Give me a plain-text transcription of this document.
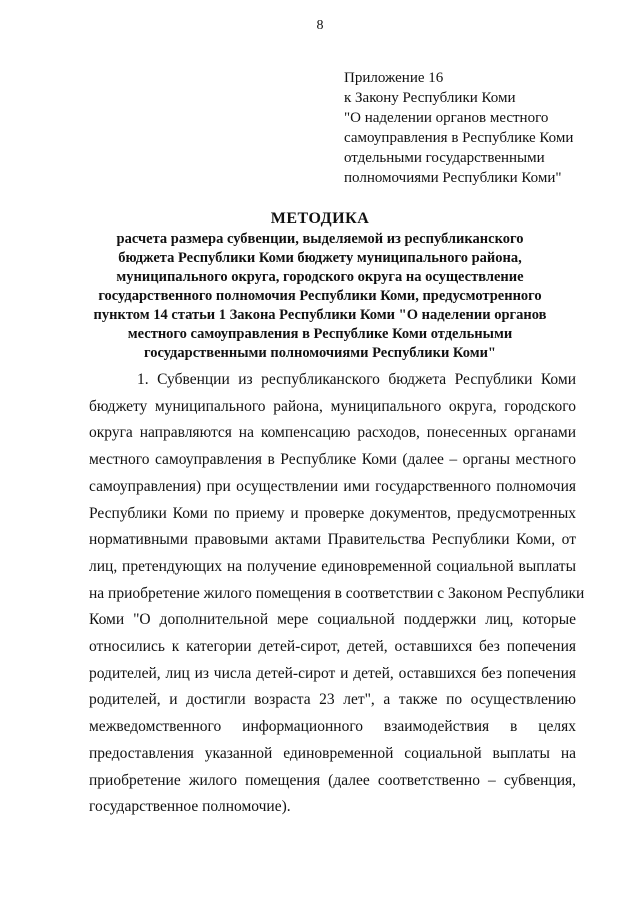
8
Приложение 16
к Закону Республики Коми
"О наделении органов местного
самоуправления в Республике Коми
отдельными государственными
полномочиями Республики Коми"
МЕТОДИКА
расчета размера субвенции, выделяемой из республиканского
бюджета Республики Коми бюджету муниципального района,
муниципального округа, городского округа на осуществление
государственного полномочия Республики Коми, предусмотренного
пунктом 14 статьи 1 Закона Республики Коми "О наделении органов
местного самоуправления в Республике Коми отдельными
государственными полномочиями Республики Коми"
1. Субвенции из республиканского бюджета Республики Коми
бюджету муниципального района, муниципального округа, городского
округа направляются на компенсацию расходов, понесенных органами
местного самоуправления в Республике Коми (далее – органы местного
самоуправления) при осуществлении ими государственного полномочия
Республики Коми по приему и проверке документов, предусмотренных
нормативными правовыми актами Правительства Республики Коми, от
лиц, претендующих на получение единовременной социальной выплаты
на приобретение жилого помещения в соответствии с Законом Республики
Коми "О дополнительной мере социальной поддержки лиц, которые
относились к категории детей-сирот, детей, оставшихся без попечения
родителей, лиц из числа детей-сирот и детей, оставшихся без попечения
родителей, и достигли возраста 23 лет", а также по осуществлению
межведомственного информационного взаимодействия в целях
предоставления указанной единовременной социальной выплаты на
приобретение жилого помещения (далее соответственно – субвенция,
государственное полномочие).
